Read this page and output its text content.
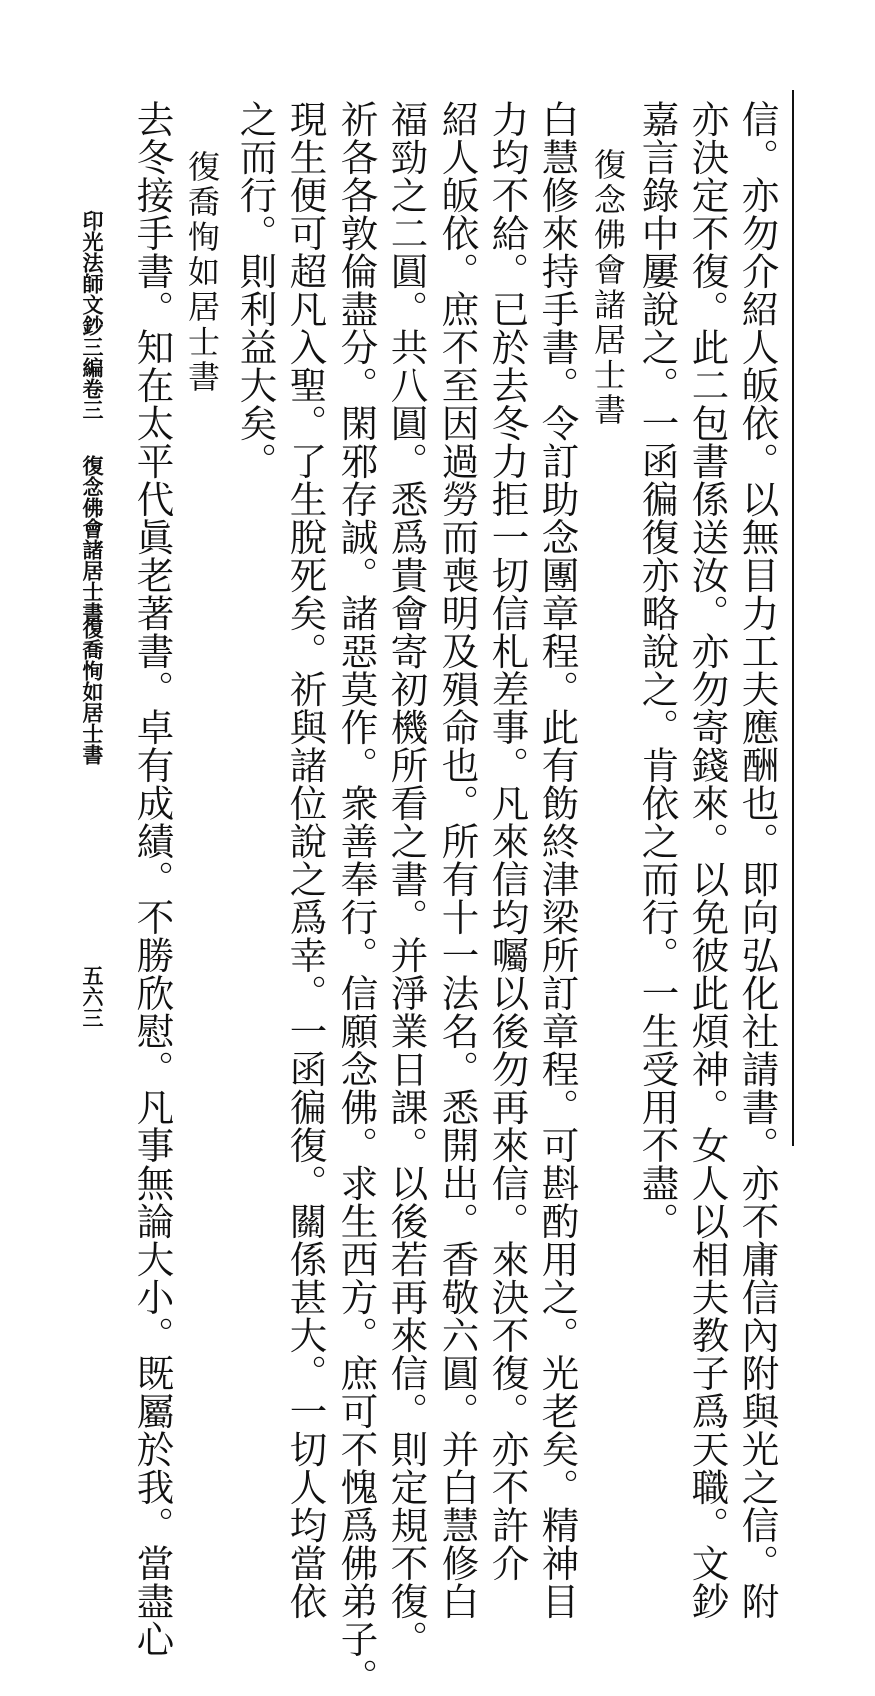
信。亦勿介紹人皈依。以無目力工夫應酬也。即向弘化社請書。亦不庸信內附與光之信。附
亦決定不復。此二包書係送汝。亦勿寄錢來。以免彼此煩神。女人以相夫教子爲天職。文鈔
嘉言錄中屢說之。一函徧復亦略說之。肯依之而行。一生受用不盡。
復念佛會諸居士書
白慧修來持手書。令訂助念團章程。此有飭終津梁所訂章程。可斟酌用之。光老矣。精神目
力均不給。已於去冬力拒一切信札差事。凡來信均囑以後勿再來信。來決不復。亦不許介
紹人皈依。庶不至因過勞而喪明及殞命也。所有十一法名。悉開出。香敬六圓。并白慧修白
福勁之二圓。共八圓。悉爲貴會寄初機所看之書。并淨業日課。以後若再來信。則定規不復。
祈各各敦倫盡分。閑邪存誠。諸惡莫作。衆善奉行。信願念佛。求生西方。庶可不愧爲佛弟子。
現生便可超凡入聖。了生脫死矣。祈與諸位說之爲幸。一函徧復。關係甚大。一切人均當依
之而行。則利益大矣。
復喬恂如居士書
去冬接手書。知在太平代眞老著書。卓有成績。不勝欣慰。凡事無論大小。既屬於我。當盡心
印光法師文鈔三編卷三
復念佛會諸居士書
復喬恂如居士書
五六三
